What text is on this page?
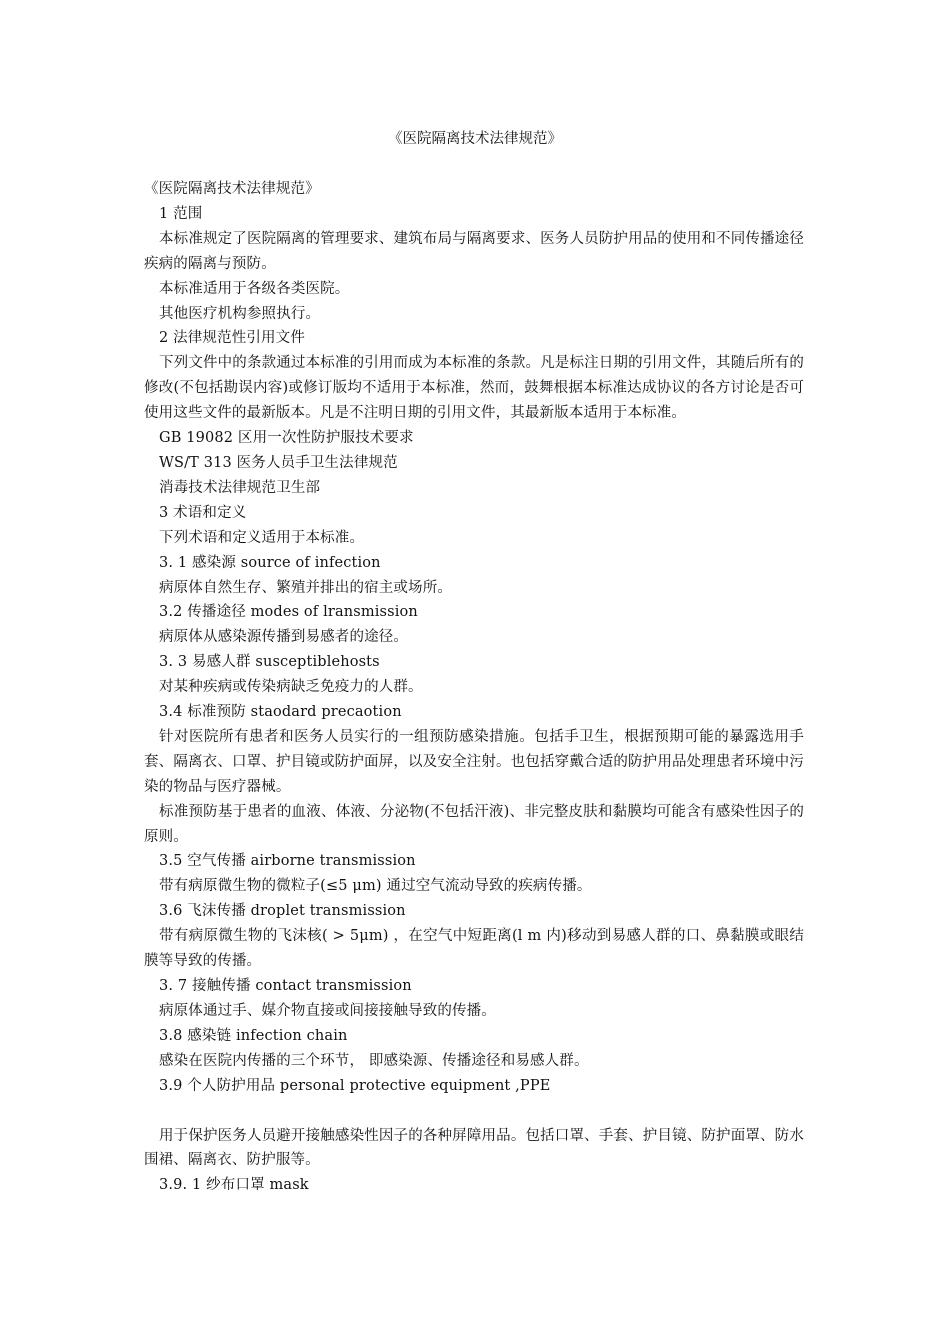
《医院隔离技术法律规范》

《医院隔离技术法律规范》

1 范围

本标准规定了医院隔离的管理要求、建筑布局与隔离要求、医务人员防护用品的使用和不同传播途径疾病的隔离与预防。

本标准适用于各级各类医院。

其他医疗机构参照执行。

2 法律规范性引用文件

下列文件中的条款通过本标准的引用而成为本标准的条款。凡是标注日期的引用文件，其随后所有的修改(不包括勘误内容)或修订版均不适用于本标准，然而，鼓舞根据本标准达成协议的各方讨论是否可使用这些文件的最新版本。凡是不注明日期的引用文件，其最新版本适用于本标准。

GB 19082 区用一次性防护服技术要求

WS/T 313 医务人员手卫生法律规范

消毒技术法律规范卫生部

3 术语和定义

下列术语和定义适用于本标准。

3. 1 感染源 source of infection

病原体自然生存、繁殖并排出的宿主或场所。

3.2 传播途径 modes of lransmission

病原体从感染源传播到易感者的途径。

3. 3 易感人群 susceptiblehosts

对某种疾病或传染病缺乏免疫力的人群。

3.4 标准预防 staodard precaotion

针对医院所有患者和医务人员实行的一组预防感染措施。包括手卫生，根据预期可能的暴露选用手套、隔离衣、口罩、护目镜或防护面屏，以及安全注射。也包括穿戴合适的防护用品处理患者环境中污染的物品与医疗器械。

标准预防基于患者的血液、体液、分泌物(不包括汗液)、非完整皮肤和黏膜均可能含有感染性因子的原则。

3.5 空气传播 airborne transmission

带有病原微生物的微粒子(≤5 μm) 通过空气流动导致的疾病传播。

3.6 飞沫传播 droplet transmission

带有病原微生物的飞沫核( > 5μm) ，在空气中短距离(l m 内)移动到易感人群的口、鼻黏膜或眼结膜等导致的传播。

3. 7 接触传播 contact transmission

病原体通过手、媒介物直接或间接接触导致的传播。

3.8 感染链 infection chain

感染在医院内传播的三个环节， 即感染源、传播途径和易感人群。

3.9 个人防护用品 personal protective equipment ,PPE

用于保护医务人员避开接触感染性因子的各种屏障用品。包括口罩、手套、护目镜、防护面罩、防水围裙、隔离衣、防护服等。

3.9. 1 纱布口罩 mask
